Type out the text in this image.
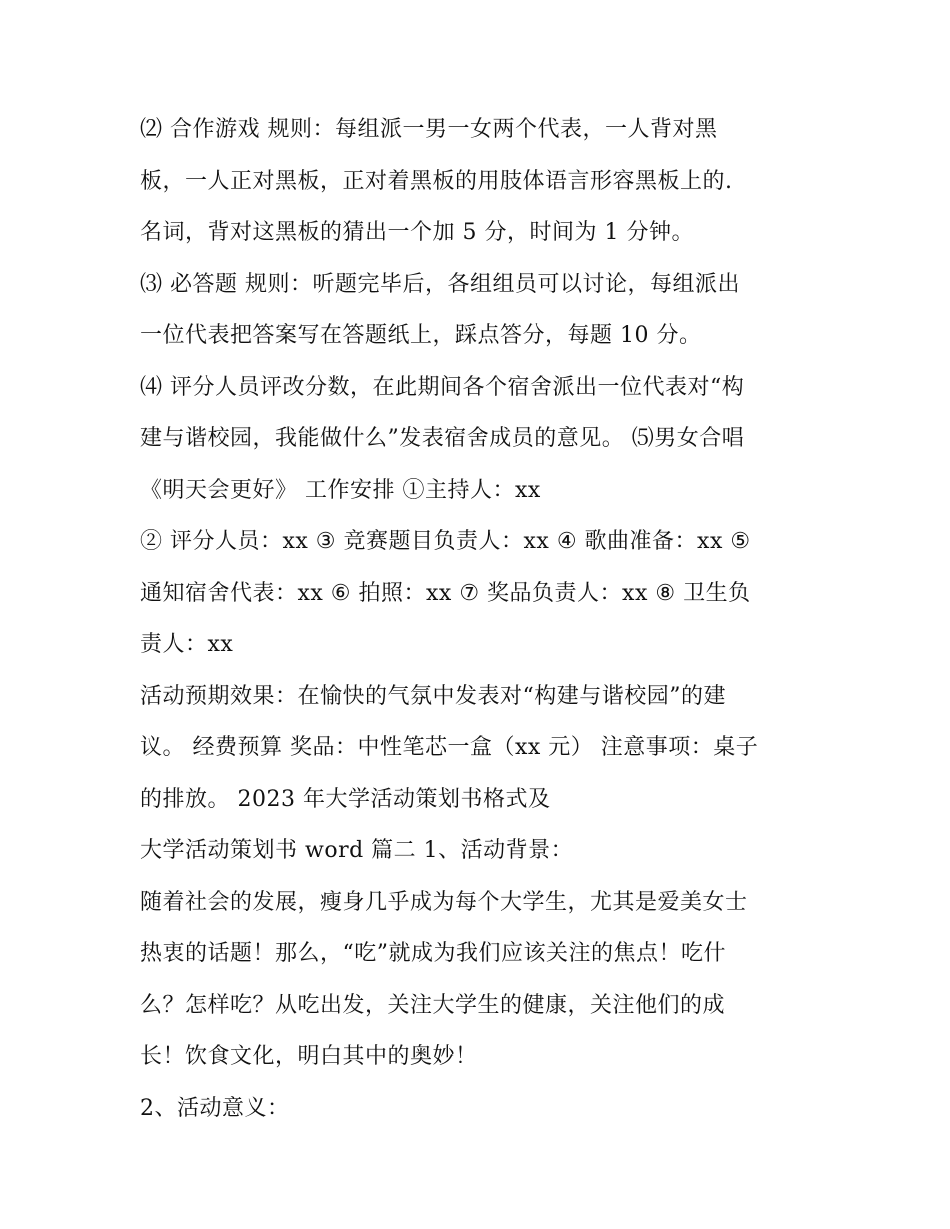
⑵ 合作游戏 规则：每组派一男一女两个代表，一人背对黑
板，一人正对黑板，正对着黑板的用肢体语言形容黑板上的.
名词，背对这黑板的猜出一个加 5 分，时间为 1 分钟。
⑶ 必答题 规则：听题完毕后，各组组员可以讨论，每组派出
一位代表把答案写在答题纸上，踩点答分，每题 10 分。
⑷ 评分人员评改分数，在此期间各个宿舍派出一位代表对“构
建与谐校园，我能做什么”发表宿舍成员的意见。 ⑸男女合唱
《明天会更好》 工作安排 ①主持人：xx
② 评分人员：xx ③ 竞赛题目负责人：xx ④ 歌曲准备：xx ⑤
通知宿舍代表：xx ⑥ 拍照：xx ⑦ 奖品负责人：xx ⑧ 卫生负
责人：xx
活动预期效果：在愉快的气氛中发表对“构建与谐校园”的建
议。 经费预算 奖品：中性笔芯一盒（xx 元） 注意事项：桌子
的排放。 2023 年大学活动策划书格式及
大学活动策划书 word 篇二 1、活动背景：
随着社会的发展，瘦身几乎成为每个大学生，尤其是爱美女士
热衷的话题！那么，“吃”就成为我们应该关注的焦点！吃什
么？怎样吃？从吃出发，关注大学生的健康，关注他们的成
长！饮食文化，明白其中的奥妙！
2、活动意义：
